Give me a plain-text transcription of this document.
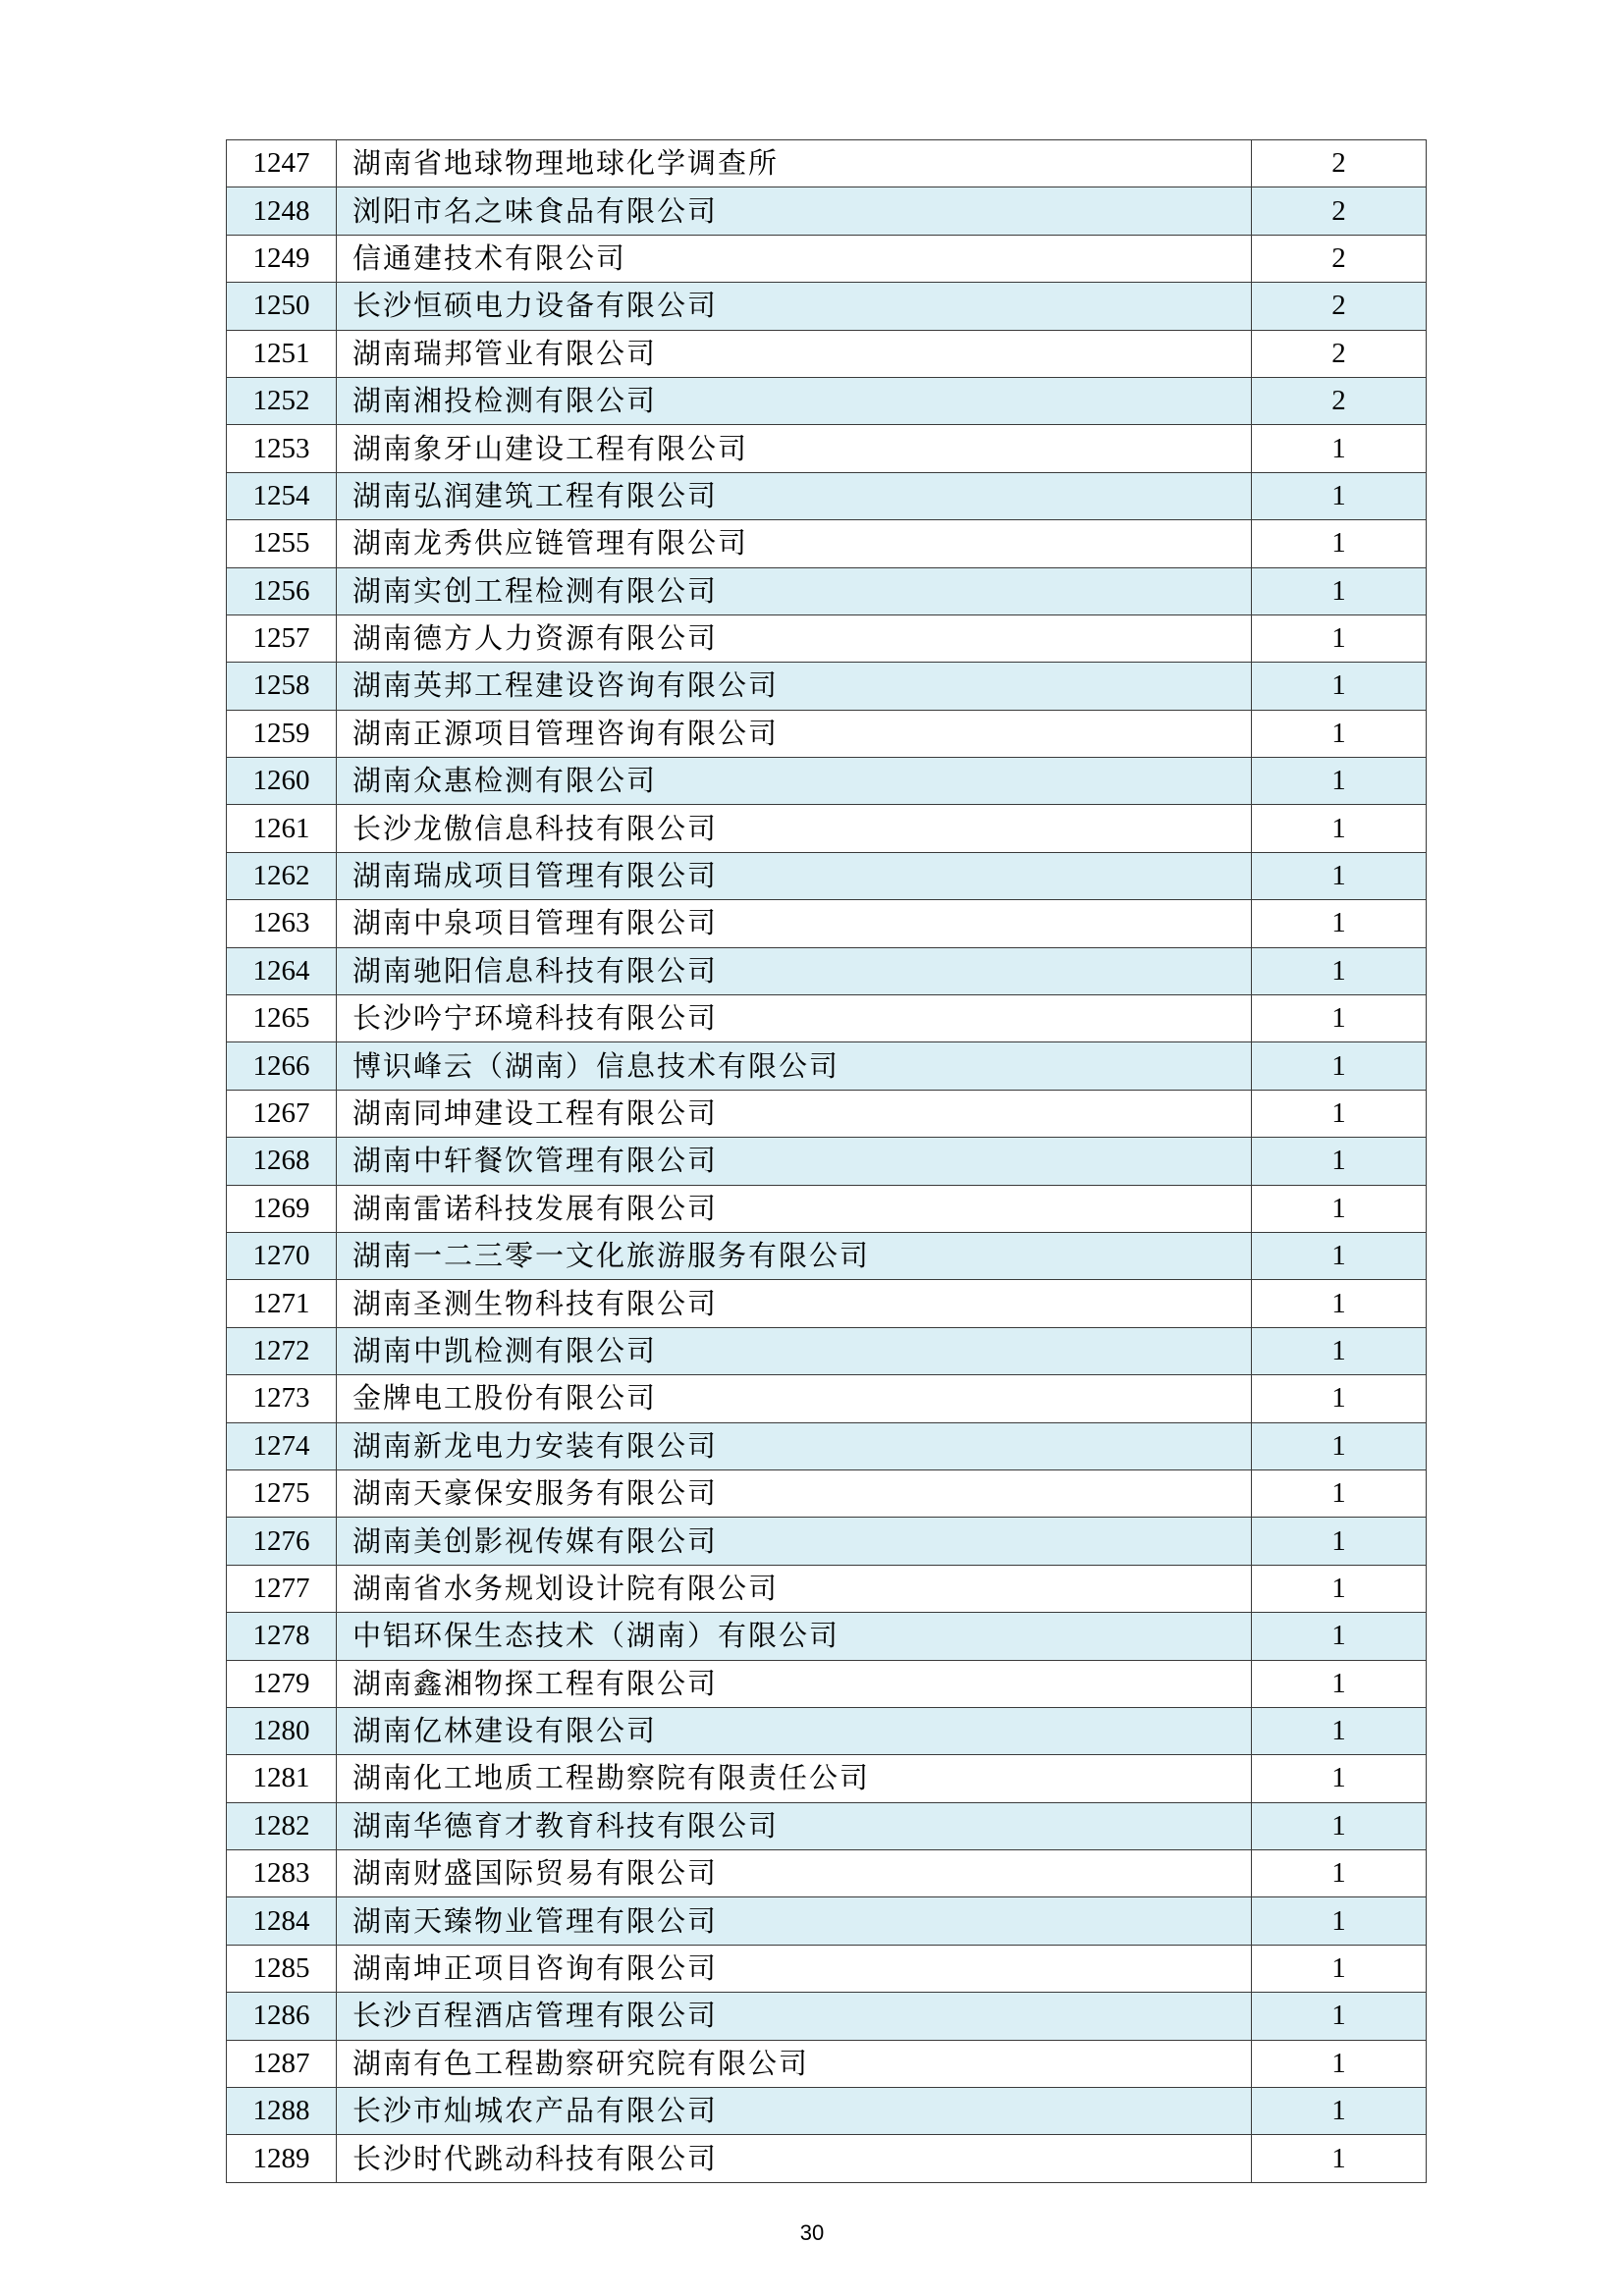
1247	湖南省地球物理地球化学调查所	2
1248	浏阳市名之味食品有限公司	2
1249	信通建技术有限公司	2
1250	长沙恒硕电力设备有限公司	2
1251	湖南瑞邦管业有限公司	2
1252	湖南湘投检测有限公司	2
1253	湖南象牙山建设工程有限公司	1
1254	湖南弘润建筑工程有限公司	1
1255	湖南龙秀供应链管理有限公司	1
1256	湖南实创工程检测有限公司	1
1257	湖南德方人力资源有限公司	1
1258	湖南英邦工程建设咨询有限公司	1
1259	湖南正源项目管理咨询有限公司	1
1260	湖南众惠检测有限公司	1
1261	长沙龙傲信息科技有限公司	1
1262	湖南瑞成项目管理有限公司	1
1263	湖南中泉项目管理有限公司	1
1264	湖南驰阳信息科技有限公司	1
1265	长沙吟宁环境科技有限公司	1
1266	博识峰云（湖南）信息技术有限公司	1
1267	湖南同坤建设工程有限公司	1
1268	湖南中轩餐饮管理有限公司	1
1269	湖南雷诺科技发展有限公司	1
1270	湖南一二三零一文化旅游服务有限公司	1
1271	湖南圣测生物科技有限公司	1
1272	湖南中凯检测有限公司	1
1273	金牌电工股份有限公司	1
1274	湖南新龙电力安装有限公司	1
1275	湖南天豪保安服务有限公司	1
1276	湖南美创影视传媒有限公司	1
1277	湖南省水务规划设计院有限公司	1
1278	中铝环保生态技术（湖南）有限公司	1
1279	湖南鑫湘物探工程有限公司	1
1280	湖南亿林建设有限公司	1
1281	湖南化工地质工程勘察院有限责任公司	1
1282	湖南华德育才教育科技有限公司	1
1283	湖南财盛国际贸易有限公司	1
1284	湖南天臻物业管理有限公司	1
1285	湖南坤正项目咨询有限公司	1
1286	长沙百程酒店管理有限公司	1
1287	湖南有色工程勘察研究院有限公司	1
1288	长沙市灿城农产品有限公司	1
1289	长沙时代跳动科技有限公司	1
30
